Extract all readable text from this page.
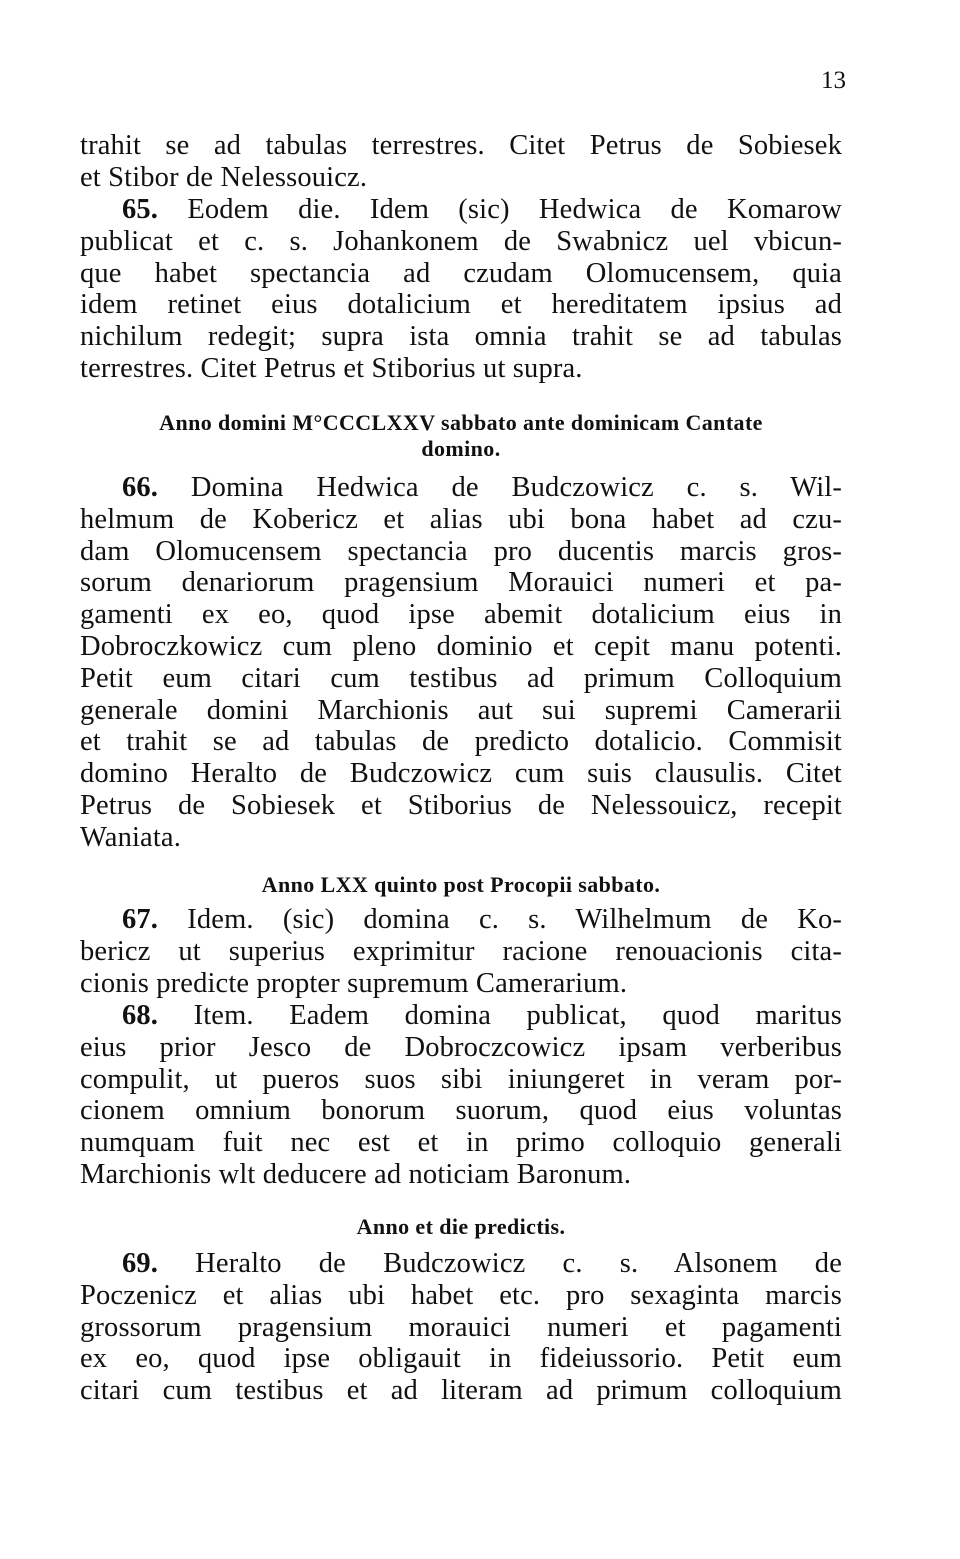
13
trahit se ad tabulas terrestres. Citet Petrus de Sobiesek
et Stibor de Nelessouicz.
65. Eodem die. Idem (sic) Hedwica de Komarow
publicat et c. s. Johankonem de Swabnicz uel vbicun-
que habet spectancia ad czudam Olomucensem, quia
idem retinet eius dotalicium et hereditatem ipsius ad
nichilum redegit; supra ista omnia trahit se ad tabulas
terrestres. Citet Petrus et Stiborius ut supra.
Anno domini M°CCCLXXV sabbato ante dominicam Cantate
domino.
66. Domina Hedwica de Budczowicz c. s. Wil-
helmum de Kobericz et alias ubi bona habet ad czu-
dam Olomucensem spectancia pro ducentis marcis gros-
sorum denariorum pragensium Morauici numeri et pa-
gamenti ex eo, quod ipse abemit dotalicium eius in
Dobroczkowicz cum pleno dominio et cepit manu potenti.
Petit eum citari cum testibus ad primum Colloquium
generale domini Marchionis aut sui supremi Camerarii
et trahit se ad tabulas de predicto dotalicio. Commisit
domino Heralto de Budczowicz cum suis clausulis. Citet
Petrus de Sobiesek et Stiborius de Nelessouicz, recepit
Waniata.
Anno LXX quinto post Procopii sabbato.
67. Idem. (sic) domina c. s. Wilhelmum de Ko-
bericz ut superius exprimitur racione renouacionis cita-
cionis predicte propter supremum Camerarium.
68. Item. Eadem domina publicat, quod maritus
eius prior Jesco de Dobroczcowicz ipsam verberibus
compulit, ut pueros suos sibi iniungeret in veram por-
cionem omnium bonorum suorum, quod eius voluntas
numquam fuit nec est et in primo colloquio generali
Marchionis wlt deducere ad noticiam Baronum.
Anno et die predictis.
69. Heralto de Budczowicz c. s. Alsonem de
Poczenicz et alias ubi habet etc. pro sexaginta marcis
grossorum pragensium morauici numeri et pagamenti
ex eo, quod ipse obligauit in fideiussorio. Petit eum
citari cum testibus et ad literam ad primum colloquium
